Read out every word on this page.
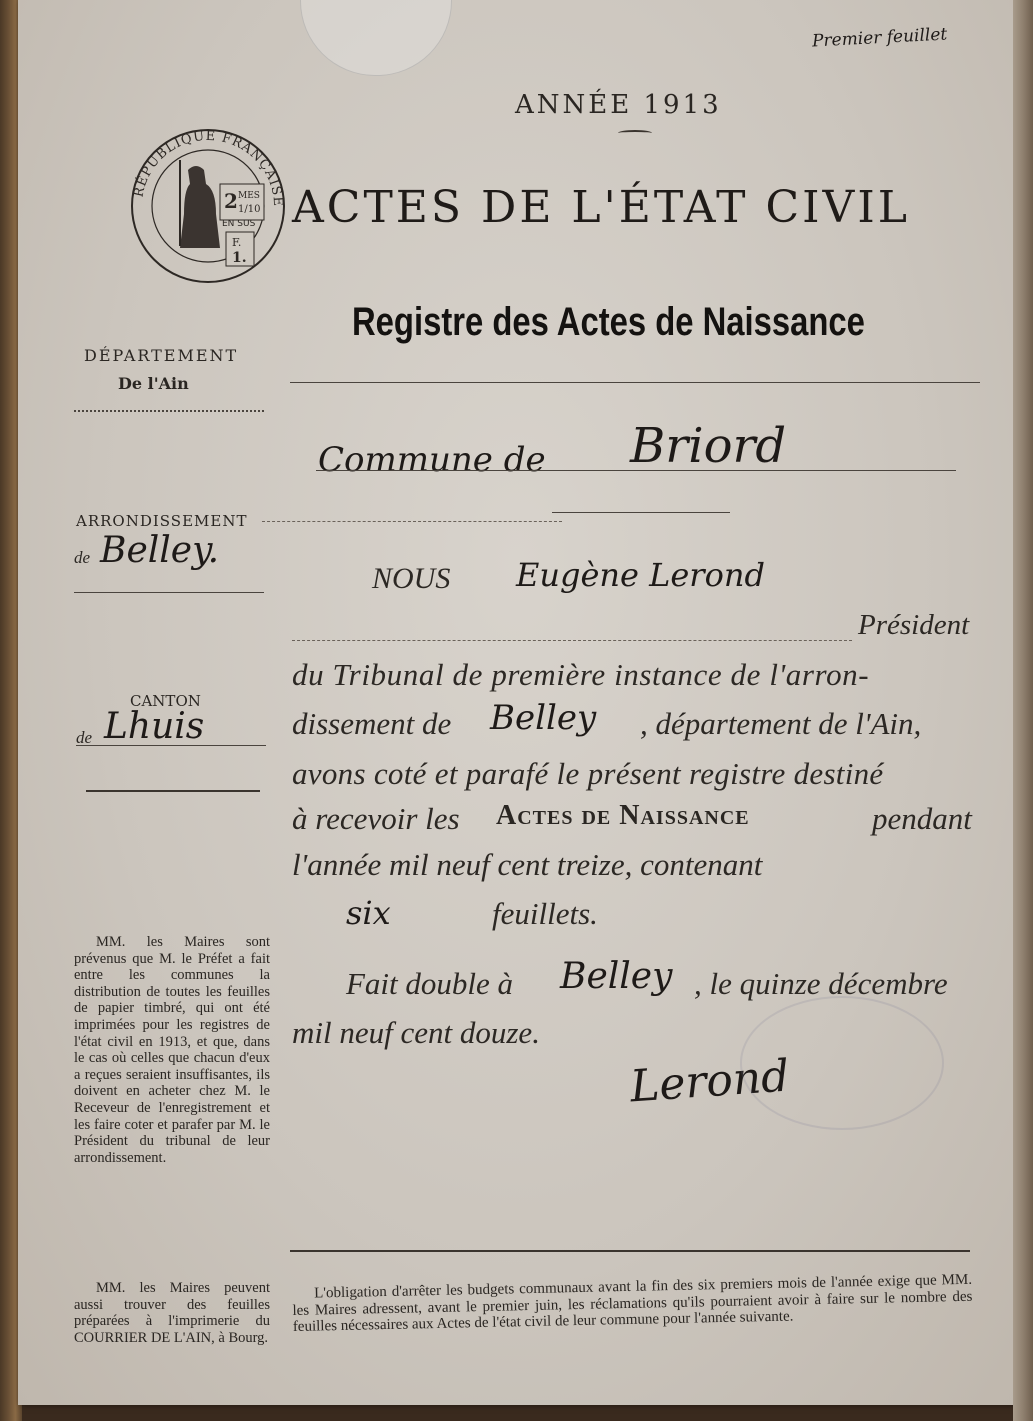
Premier feuillet
ANNÉE 1913
RÉPUBLIQUE FRANÇAISE
2 MES
1/10
EN SUS
F.
1.
ACTES DE L'ÉTAT CIVIL
Registre des Actes de Naissance
DÉPARTEMENT
De l'Ain
ARRONDISSEMENT
de Belley.
CANTON
de Lhuis
MM. les Maires sont prévenus que M. le Préfet a fait entre les communes la distribution de toutes les feuilles de papier timbré, qui ont été imprimées pour les registres de l'état civil en 1913, et que, dans le cas où celles que chacun d'eux a reçues seraient insuffisantes, ils doivent en acheter chez M. le Receveur de l'enregistrement et les faire coter et parafer par M. le Président du tribunal de leur arrondissement.
MM. les Maires peuvent aussi trouver des feuilles préparées à l'imprimerie du COURRIER DE L'AIN, à Bourg.
Commune de Briord
NOUS Eugène Lerond
Président
du Tribunal de première instance de l'arron-
dissement de Belley , département de l'Ain,
avons coté et parafé le présent registre destiné
à recevoir les Actes de Naissance	pendant
l'année mil neuf cent treize, contenant
six	feuillets.
Fait double à Belley , le quinze décembre
mil neuf cent douze.
Lerond
L'obligation d'arrêter les budgets communaux avant la fin des six premiers mois de l'année exige que MM. les Maires adressent, avant le premier juin, les réclamations qu'ils pourraient avoir à faire sur le nombre des feuilles nécessaires aux Actes de l'état civil de leur commune pour l'année suivante.
